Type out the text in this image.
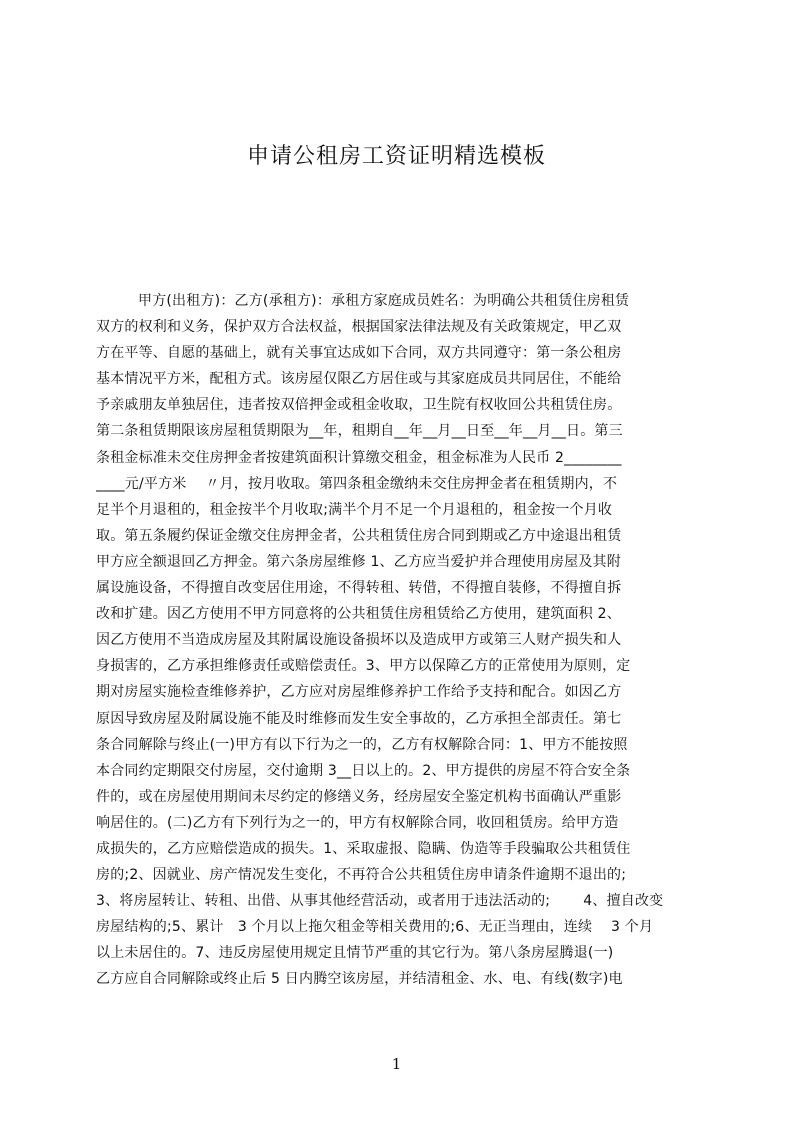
申请公租房工资证明精选模板
甲方(出租方)：乙方(承租方)：承租方家庭成员姓名：为明确公共租赁住房租赁
双方的权利和义务，保护双方合法权益，根据国家法律法规及有关政策规定，甲乙双
方在平等、自愿的基础上，就有关事宜达成如下合同，双方共同遵守：第一条公租房
基本情况平方米，配租方式。该房屋仅限乙方居住或与其家庭成员共同居住，不能给
予亲戚朋友单独居住，违者按双倍押金或租金收取，卫生院有权收回公共租赁住房。
第二条租赁期限该房屋租赁期限为__年，租期自__年__月__日至__年__月__日。第三
条租金标准未交住房押金者按建筑面积计算缴交租金，租金标准为人民币 2________
____元/平方米　 〃月，按月收取。第四条租金缴纳未交住房押金者在租赁期内，不
足半个月退租的，租金按半个月收取;满半个月不足一个月退租的，租金按一个月收
取。第五条履约保证金缴交住房押金者，公共租赁住房合同到期或乙方中途退出租赁
甲方应全额退回乙方押金。第六条房屋维修 1、乙方应当爱护并合理使用房屋及其附
属设施设备，不得擅自改变居住用途，不得转租、转借，不得擅自装修，不得擅自拆
改和扩建。因乙方使用不甲方同意将的公共租赁住房租赁给乙方使用，建筑面积 2、
因乙方使用不当造成房屋及其附属设施设备损坏以及造成甲方或第三人财产损失和人
身损害的，乙方承担维修责任或赔偿责任。3、甲方以保障乙方的正常使用为原则，定
期对房屋实施检查维修养护，乙方应对房屋维修养护工作给予支持和配合。如因乙方
原因导致房屋及附属设施不能及时维修而发生安全事故的，乙方承担全部责任。第七
条合同解除与终止(一)甲方有以下行为之一的，乙方有权解除合同：1、甲方不能按照
本合同约定期限交付房屋，交付逾期 3__日以上的。2、甲方提供的房屋不符合安全条
件的，或在房屋使用期间未尽约定的修缮义务，经房屋安全鉴定机构书面确认严重影
响居住的。(二)乙方有下列行为之一的，甲方有权解除合同，收回租赁房。给甲方造
成损失的，乙方应赔偿造成的损失。1、采取虚报、隐瞒、伪造等手段骗取公共租赁住
房的;2、因就业、房产情况发生变化，不再符合公共租赁住房申请条件逾期不退出的;
3、将房屋转让、转租、出借、从事其他经营活动，或者用于违法活动的;　　 4、擅自改变
房屋结构的;5、累计　3 个月以上拖欠租金等相关费用的;6、无正当理由，连续　 3 个月
以上未居住的。7、违反房屋使用规定且情节严重的其它行为。第八条房屋腾退(一)
乙方应自合同解除或终止后 5 日内腾空该房屋，并结清租金、水、电、有线(数字)电
1
